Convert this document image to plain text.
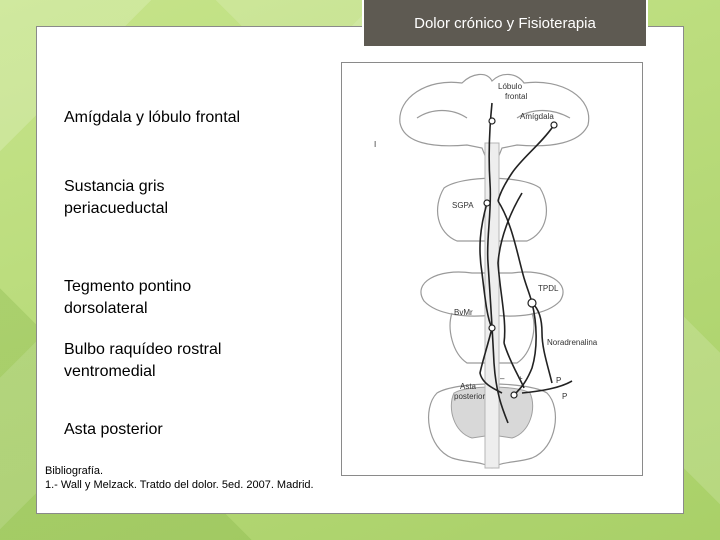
Dolor crónico y Fisioterapia
Amígdala y lóbulo frontal
Sustancia gris
periacueductal
Tegmento pontino
dorsolateral
Bulbo raquídeo rostral
ventromedial
Asta posterior
Bibliografía.
1.- Wall y Melzack. Tratdo del dolor. 5ed. 2007. Madrid.
Lóbulo
frontal
Amígdala
I
SGPA
TPDL
BvMr
Noradrenalina
Asta
posterior
P
P
+
–
